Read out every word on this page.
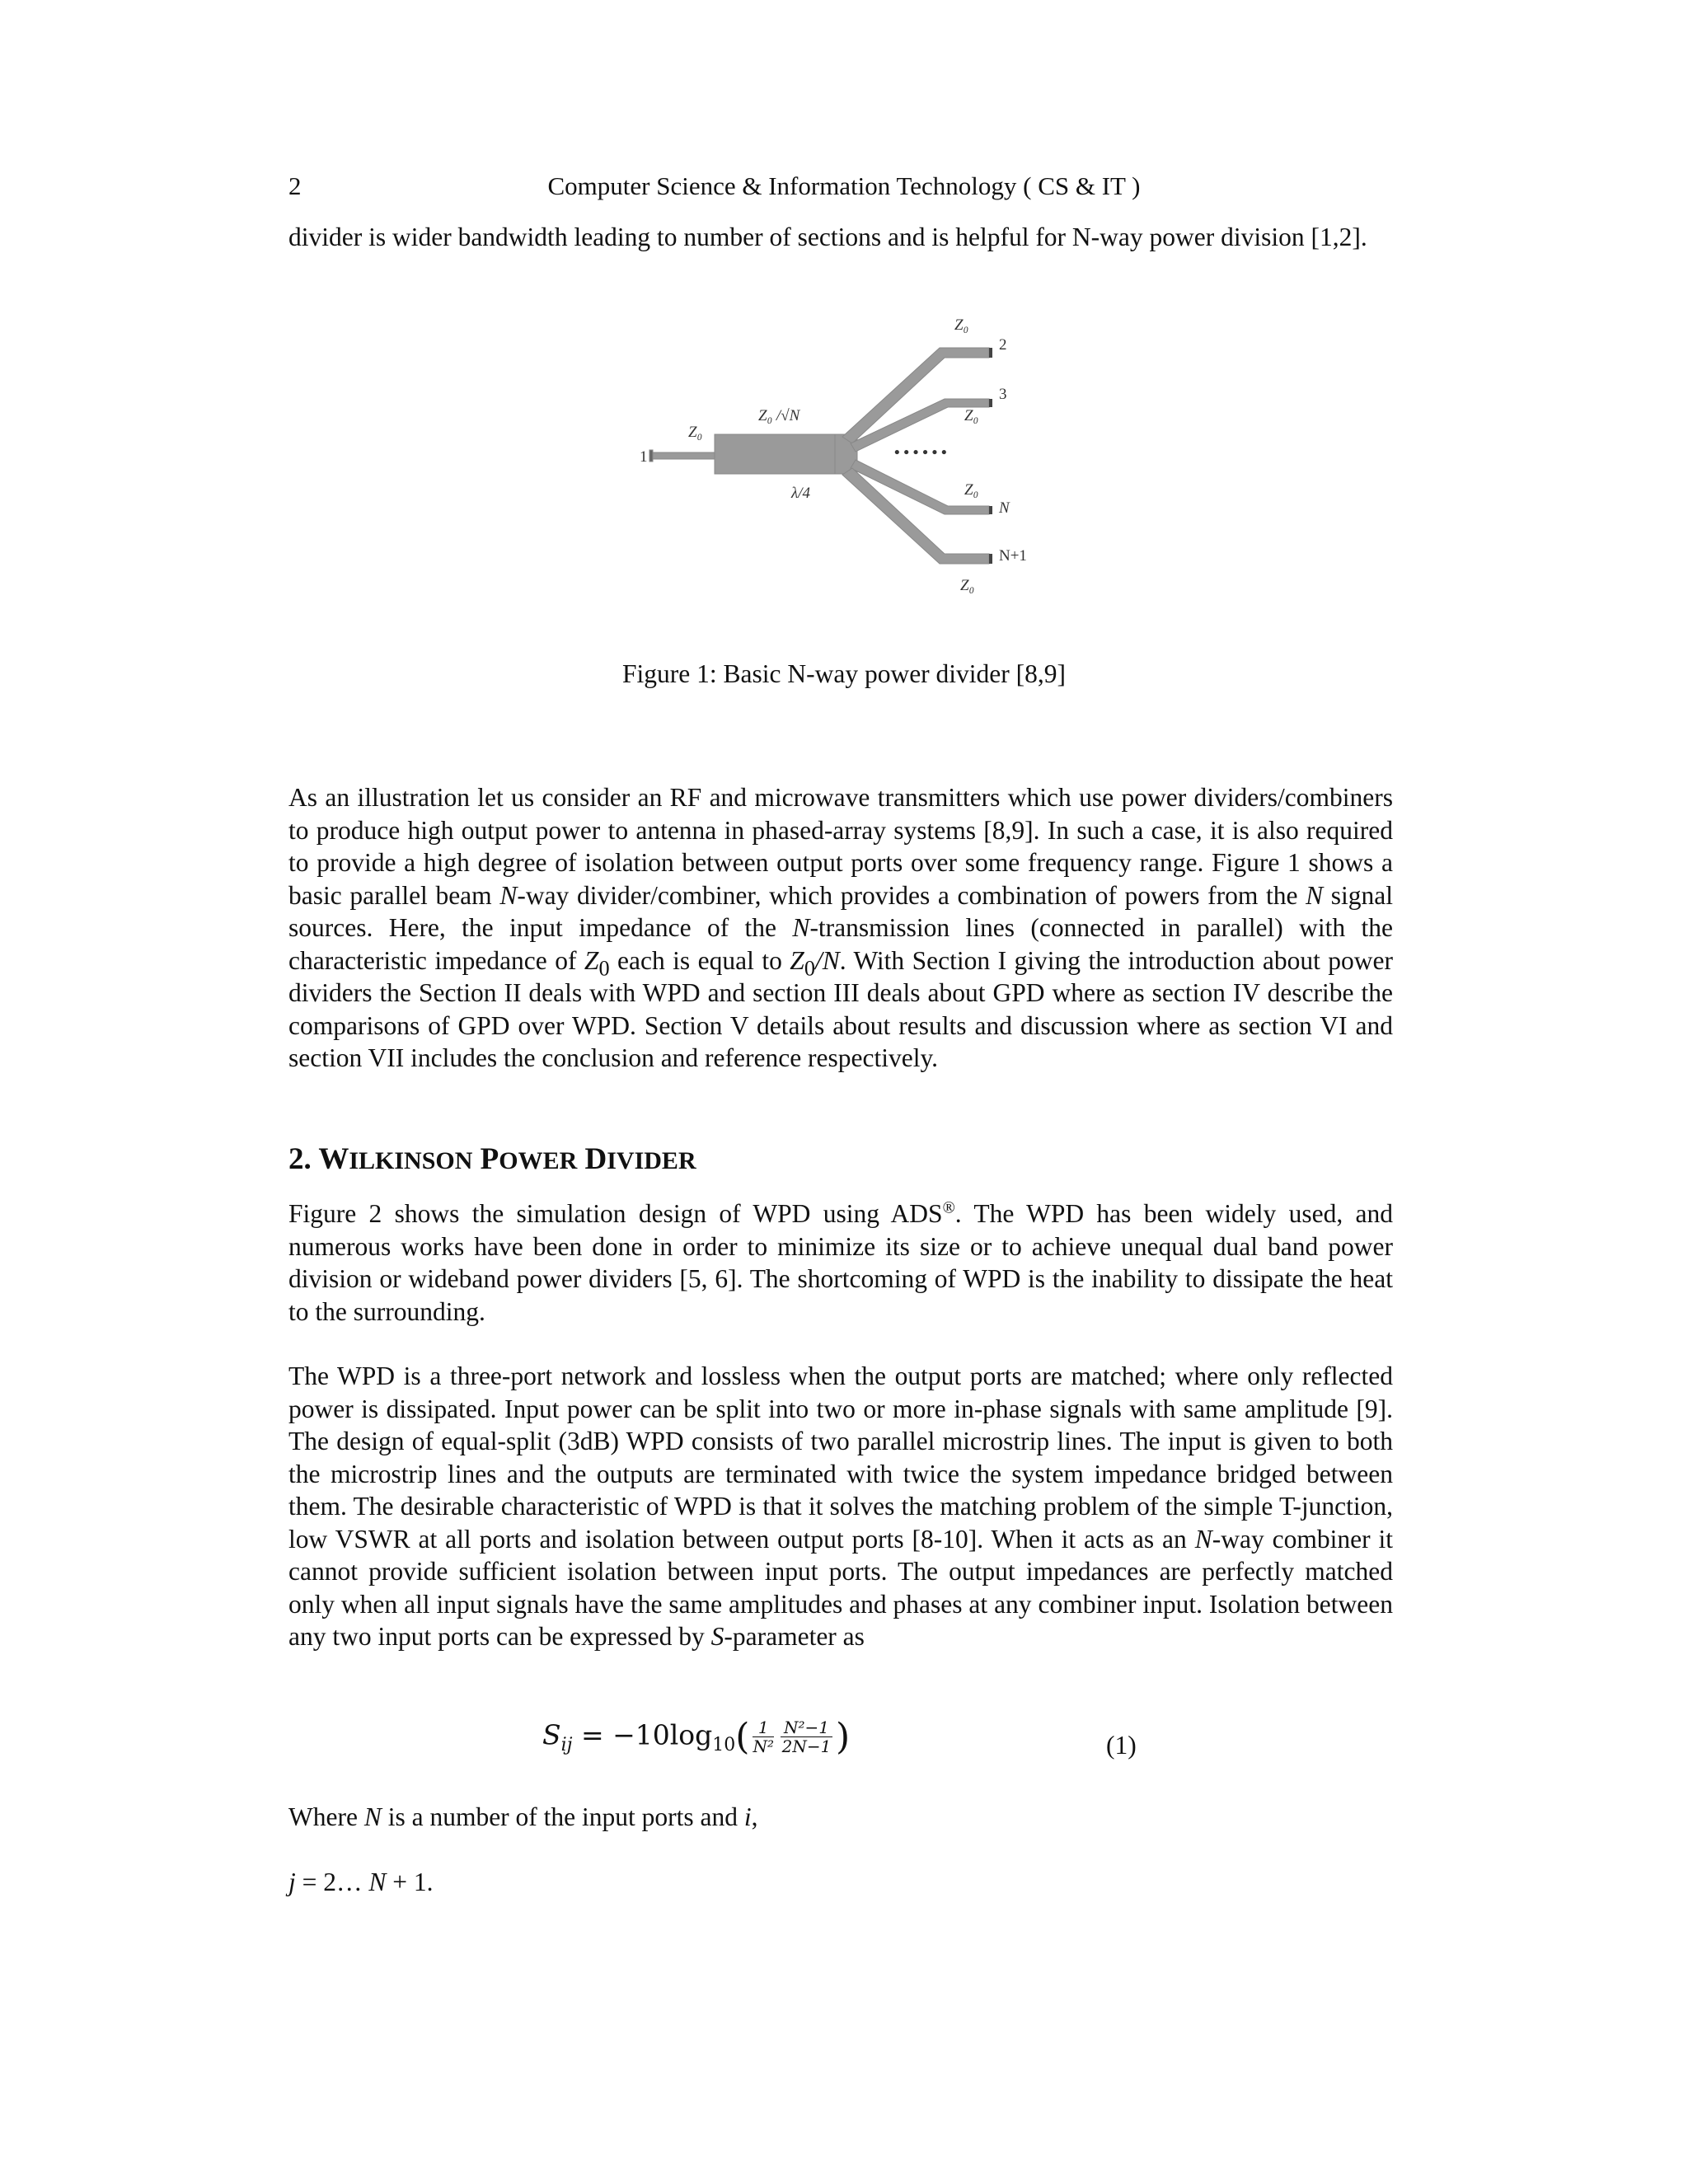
2	Computer Science & Information Technology ( CS & IT )
divider is wider bandwidth leading to number of sections and is helpful for N-way power division [1,2].
1
Z₀
Z₀ /√N
λ/4
Z₀
2
3
Z₀
• • • • • •
Z₀
N
N+1
Z₀
Figure 1: Basic N-way power divider [8,9]
As an illustration let us consider an RF and microwave transmitters which use power dividers/combiners to produce high output power to antenna in phased-array systems [8,9]. In such a case, it is also required to provide a high degree of isolation between output ports over some frequency range. Figure 1 shows a basic parallel beam N-way divider/combiner, which provides a combination of powers from the N signal sources. Here, the input impedance of the N-transmission lines (connected in parallel) with the characteristic impedance of $Z_0$ each is equal to $Z_0/N$. With Section I giving the introduction about power dividers the Section II deals with WPD and section III deals about GPD where as section IV describe the comparisons of GPD over WPD. Section V details about results and discussion where as section VI and section VII includes the conclusion and reference respectively.
2. WILKINSON POWER DIVIDER
Figure 2 shows the simulation design of WPD using ADS®. The WPD has been widely used, and numerous works have been done in order to minimize its size or to achieve unequal dual band power division or wideband power dividers [5, 6]. The shortcoming of WPD is the inability to dissipate the heat to the surrounding.
The WPD is a three-port network and lossless when the output ports are matched; where only reflected power is dissipated. Input power can be split into two or more in-phase signals with same amplitude [9]. The design of equal-split (3dB) WPD consists of two parallel microstrip lines. The input is given to both the microstrip lines and the outputs are terminated with twice the system impedance bridged between them. The desirable characteristic of WPD is that it solves the matching problem of the simple T-junction, low VSWR at all ports and isolation between output ports [8-10]. When it acts as an N-way combiner it cannot provide sufficient isolation between input ports. The output impedances are perfectly matched only when all input signals have the same amplitudes and phases at any combiner input. Isolation between any two input ports can be expressed by S-parameter as
$S_{ij} = -10\log_{10}( \frac{1}{\text{N²}} \frac{\text{N²−1}}{2N-1}$ )	(1)
Where N is a number of the input ports and i,
j = 2… N + 1.
